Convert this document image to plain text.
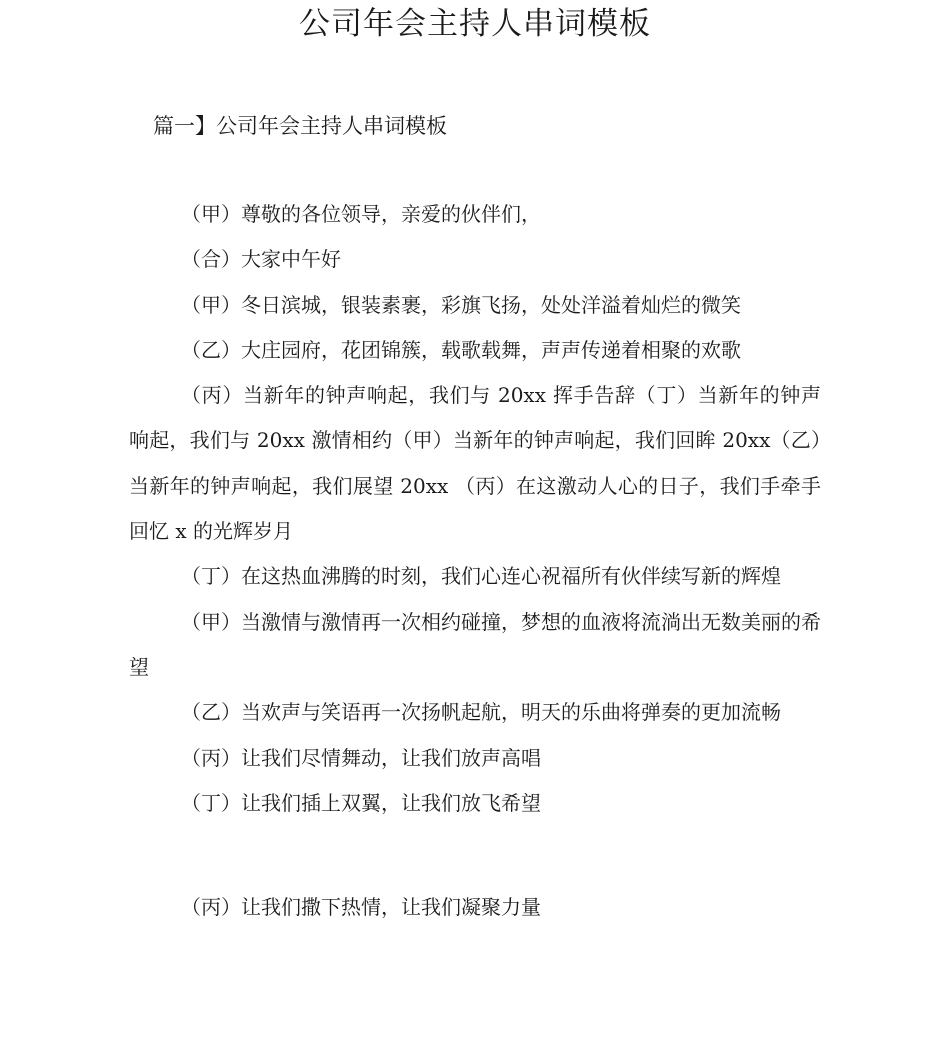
公司年会主持人串词模板
篇一】公司年会主持人串词模板

（甲）尊敬的各位领导，亲爱的伙伴们，

（合）大家中午好

（甲）冬日滨城，银装素裹，彩旗飞扬，处处洋溢着灿烂的微笑

（乙）大庄园府，花团锦簇，载歌载舞，声声传递着相聚的欢歌

（丙）当新年的钟声响起，我们与 20xx 挥手告辞（丁）当新年的钟声响起，我们与 20xx 激情相约（甲）当新年的钟声响起，我们回眸 20xx（乙）当新年的钟声响起，我们展望 20xx （丙）在这激动人心的日子，我们手牵手回忆 x 的光辉岁月

（丁）在这热血沸腾的时刻，我们心连心祝福所有伙伴续写新的辉煌

（甲）当激情与激情再一次相约碰撞，梦想的血液将流淌出无数美丽的希望

（乙）当欢声与笑语再一次扬帆起航，明天的乐曲将弹奏的更加流畅

（丙）让我们尽情舞动，让我们放声高唱

（丁）让我们插上双翼，让我们放飞希望

（丙）让我们撒下热情，让我们凝聚力量
